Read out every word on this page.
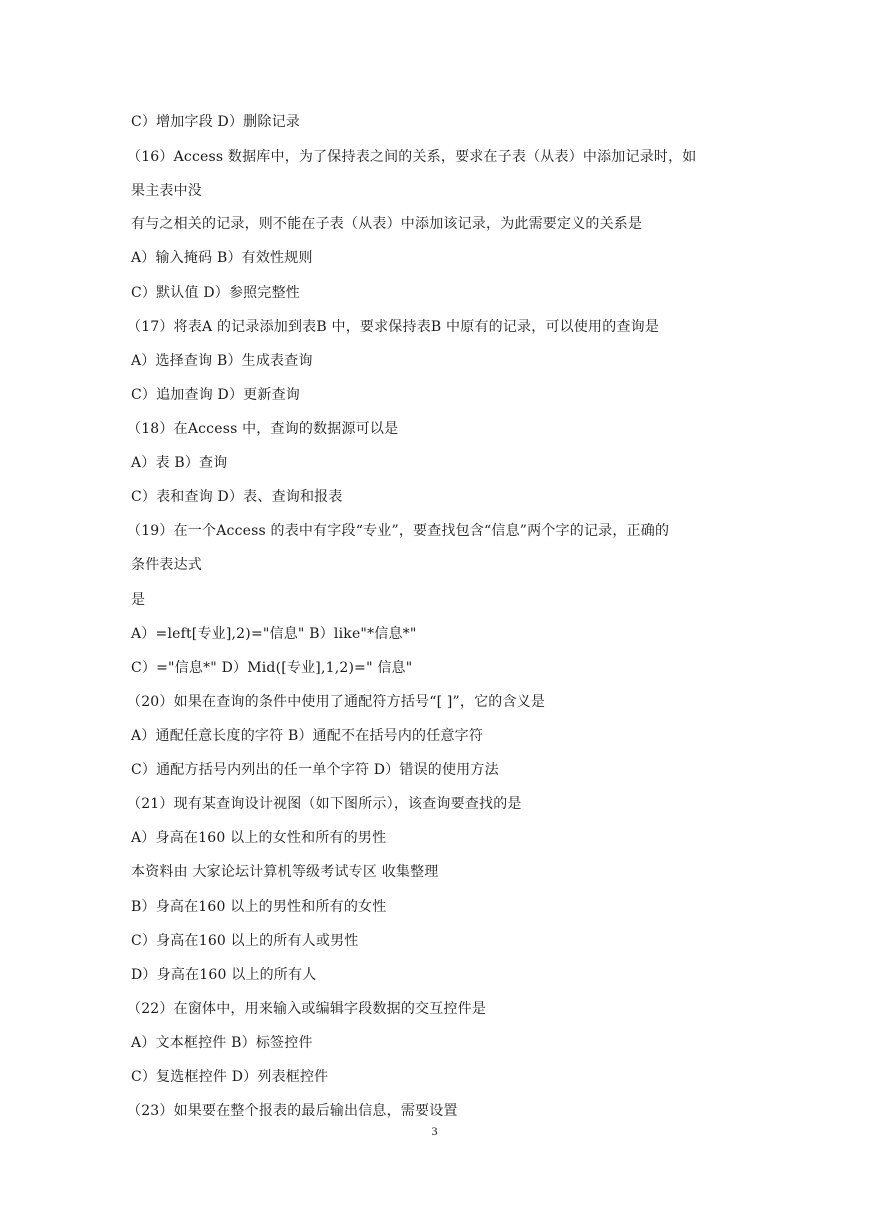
C）增加字段 D）删除记录
（16）Access 数据库中，为了保持表之间的关系，要求在子表（从表）中添加记录时，如
果主表中没
有与之相关的记录，则不能在子表（从表）中添加该记录，为此需要定义的关系是
A）输入掩码 B）有效性规则
C）默认值 D）参照完整性
（17）将表A 的记录添加到表B 中，要求保持表B 中原有的记录，可以使用的查询是
A）选择查询 B）生成表查询
C）追加查询 D）更新查询
（18）在Access 中，查询的数据源可以是
A）表 B）查询
C）表和查询 D）表、查询和报表
（19）在一个Access 的表中有字段“专业”，要查找包含“信息”两个字的记录，正确的
条件表达式
是
A）=left[专业],2)="信息" B）like"*信息*"
C）="信息*" D）Mid([专业],1,2)=" 信息"
（20）如果在查询的条件中使用了通配符方括号“[ ]”，它的含义是
A）通配任意长度的字符 B）通配不在括号内的任意字符
C）通配方括号内列出的任一单个字符 D）错误的使用方法
（21）现有某查询设计视图（如下图所示），该查询要查找的是
A）身高在160 以上的女性和所有的男性
本资料由 大家论坛计算机等级考试专区 收集整理
B）身高在160 以上的男性和所有的女性
C）身高在160 以上的所有人或男性
D）身高在160 以上的所有人
（22）在窗体中，用来输入或编辑字段数据的交互控件是
A）文本框控件 B）标签控件
C）复选框控件 D）列表框控件
（23）如果要在整个报表的最后输出信息，需要设置
3
